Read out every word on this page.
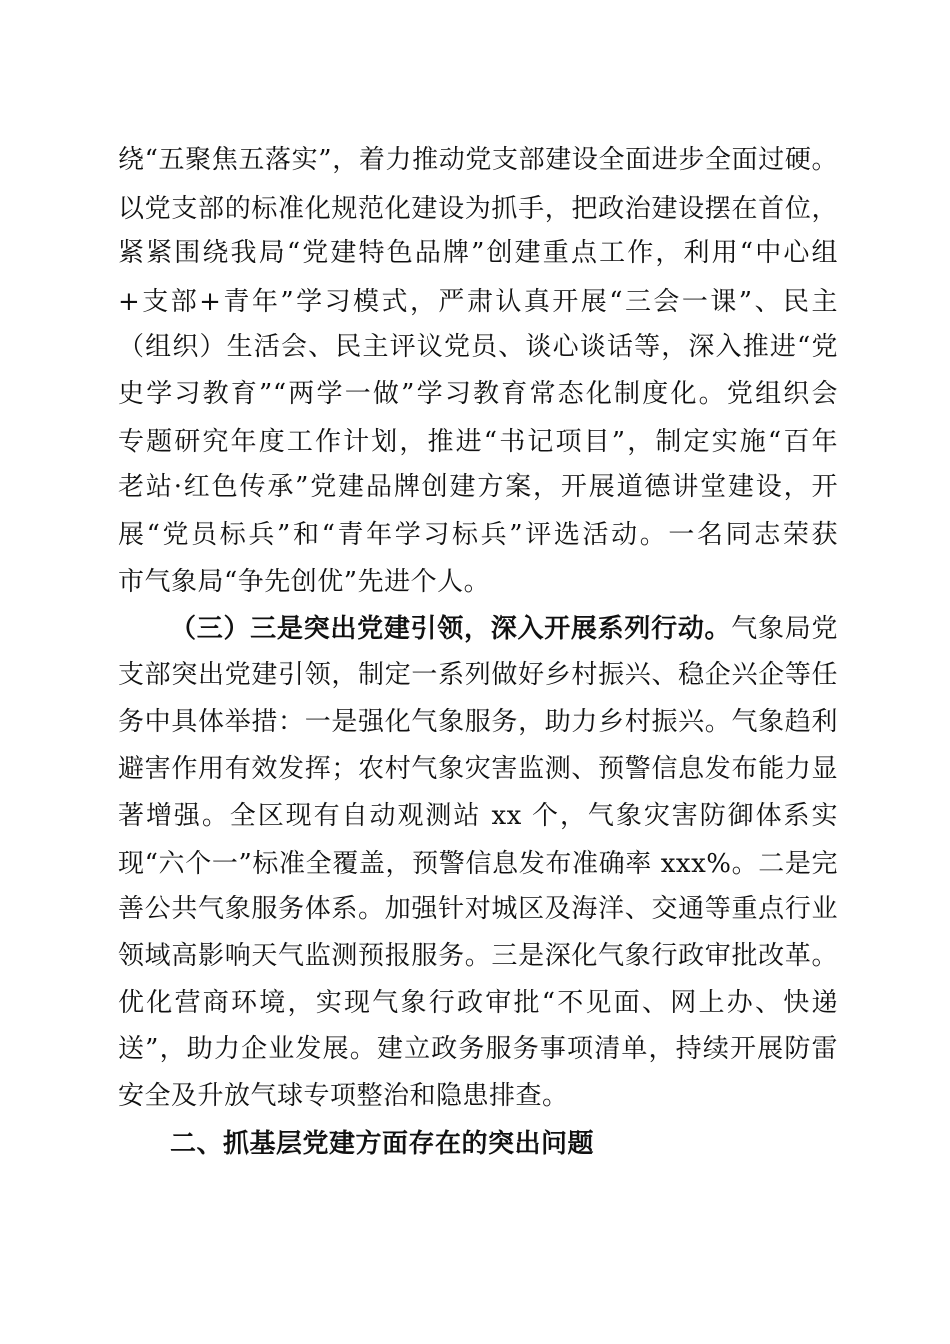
绕“五聚焦五落实”，着力推动党支部建设全面进步全面过硬。
以党支部的标准化规范化建设为抓手，把政治建设摆在首位，
紧紧围绕我局“党建特色品牌”创建重点工作，利用“中心组
+支部+青年”学习模式，严肃认真开展“三会一课”、民主
（组织）生活会、民主评议党员、谈心谈话等，深入推进“党
史学习教育”“两学一做”学习教育常态化制度化。党组织会
专题研究年度工作计划，推进“书记项目”，制定实施“百年
老站·红色传承”党建品牌创建方案，开展道德讲堂建设，开
展“党员标兵”和“青年学习标兵”评选活动。一名同志荣获
市气象局“争先创优”先进个人。
（三）三是突出党建引领，深入开展系列行动。气象局党
支部突出党建引领，制定一系列做好乡村振兴、稳企兴企等任
务中具体举措：一是强化气象服务，助力乡村振兴。气象趋利
避害作用有效发挥；农村气象灾害监测、预警信息发布能力显
著增强。全区现有自动观测站 xx 个，气象灾害防御体系实
现“六个一”标准全覆盖，预警信息发布准确率 xxx%。二是完
善公共气象服务体系。加强针对城区及海洋、交通等重点行业
领域高影响天气监测预报服务。三是深化气象行政审批改革。
优化营商环境，实现气象行政审批“不见面、网上办、快递
送”，助力企业发展。建立政务服务事项清单，持续开展防雷
安全及升放气球专项整治和隐患排查。
二、抓基层党建方面存在的突出问题
